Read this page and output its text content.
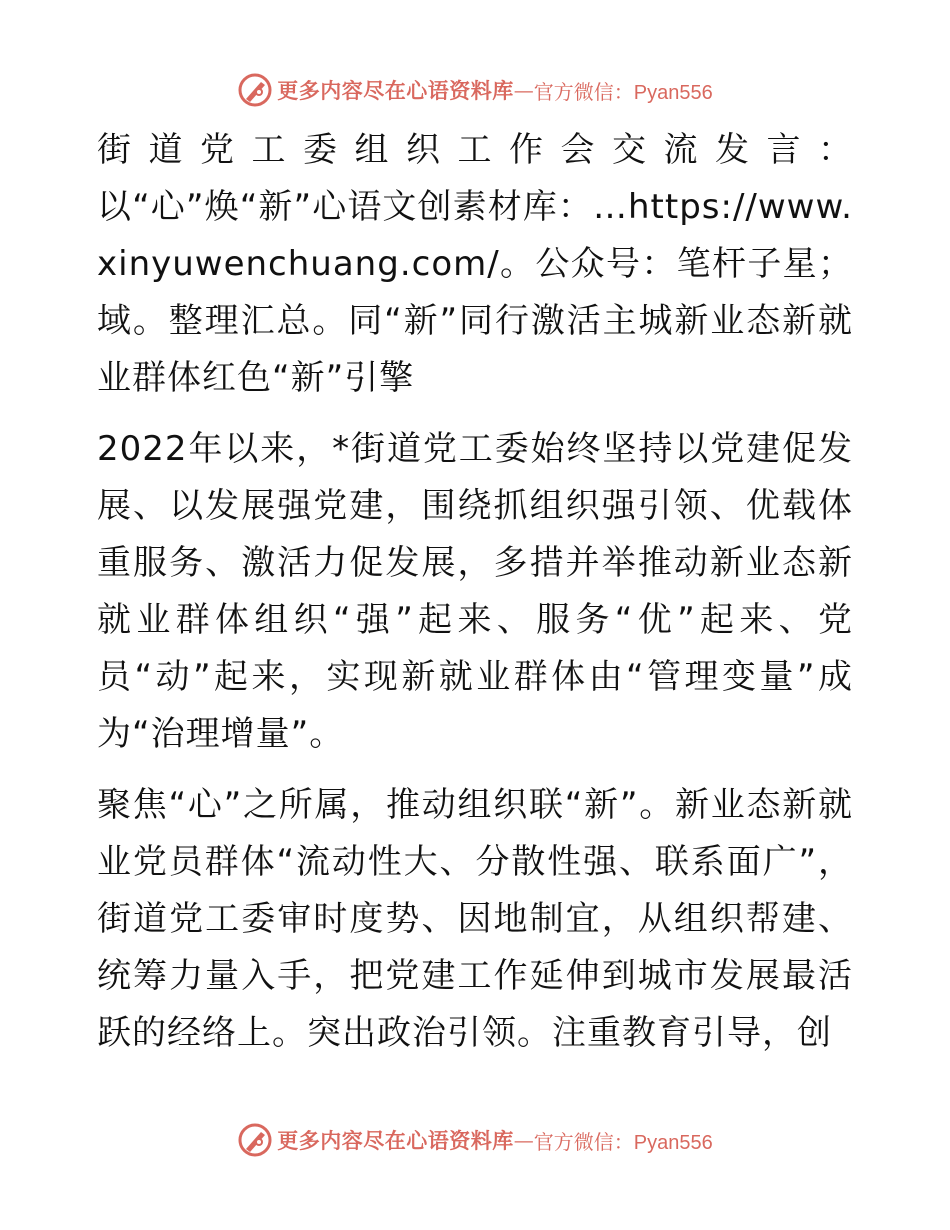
更多内容尽在心语资料库 — 官方微信：Pyan556

街道党工委组织工作会交流发言：以“心”焕“新”心语文创素材库：…https://www.xinyuwenchuang.com/。公众号：笔杆子星；域。整理汇总。同“新”同行激活主城新业态新就业群体红色“新”引擎

2022年以来，*街道党工委始终坚持以党建促发展、以发展强党建，围绕抓组织强引领、优载体重服务、激活力促发展，多措并举推动新业态新就业群体组织“强”起来、服务“优”起来、党员“动”起来，实现新就业群体由“管理变量”成为“治理增量”。

聚焦“心”之所属，推动组织联“新”。新业态新就业党员群体“流动性大、分散性强、联系面广”，街道党工委审时度势、因地制宜，从组织帮建、统筹力量入手，把党建工作延伸到城市发展最活跃的经络上。突出政治引领。注重教育引导，创

更多内容尽在心语资料库 — 官方微信：Pyan556
